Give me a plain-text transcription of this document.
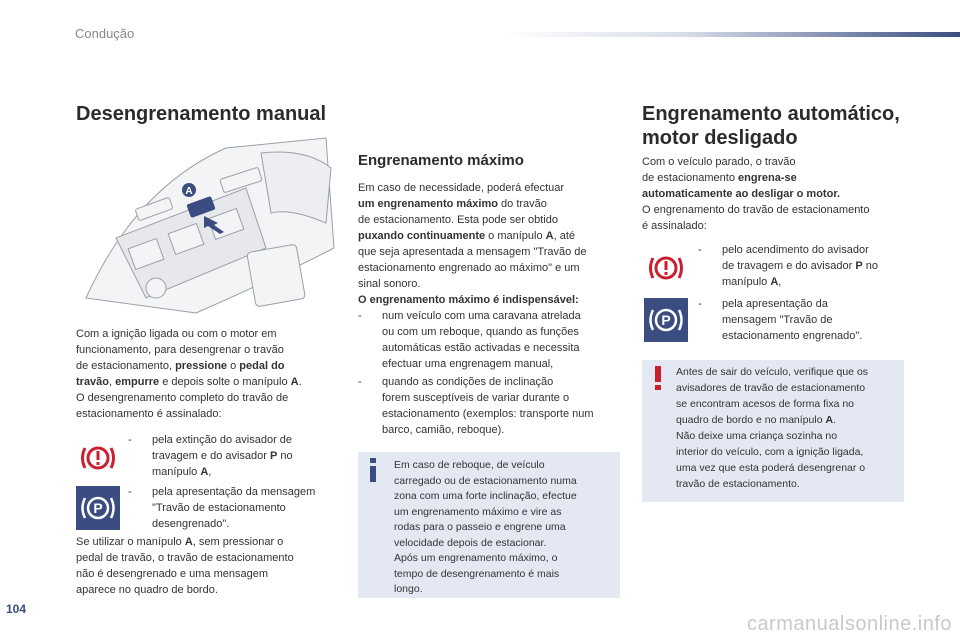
Condução
Desengrenamento manual
A
Com a ignição ligada ou com o motor em
funcionamento, para desengrenar o travão
de estacionamento, pressione o pedal do
travão, empurre e depois solte o manípulo A.
O desengrenamento completo do travão de
estacionamento é assinalado:
- pela extinção do avisador de
travagem e do avisador P no
manípulo A,
P
- pela apresentação da mensagem
"Travão de estacionamento
desengrenado".
Se utilizar o manípulo A, sem pressionar o
pedal de travão, o travão de estacionamento
não é desengrenado e uma mensagem
aparece no quadro de bordo.
Engrenamento máximo
Em caso de necessidade, poderá efectuar
um engrenamento máximo do travão
de estacionamento. Esta pode ser obtido
puxando continuamente o manípulo A, até
que seja apresentada a mensagem "Travão de
estacionamento engrenado ao máximo" e um
sinal sonoro.
O engrenamento máximo é indispensável:
- num veículo com uma caravana atrelada
ou com um reboque, quando as funções
automáticas estão activadas e necessita
efectuar uma engrenagem manual,
- quando as condições de inclinação
forem susceptíveis de variar durante o
estacionamento (exemplos: transporte num
barco, camião, reboque).
Em caso de reboque, de veículo
carregado ou de estacionamento numa
zona com uma forte inclinação, efectue
um engrenamento máximo e vire as
rodas para o passeio e engrene uma
velocidade depois de estacionar.
Após um engrenamento máximo, o
tempo de desengrenamento é mais
longo.
Engrenamento automático,
motor desligado
Com o veículo parado, o travão
de estacionamento engrena-se
automaticamente ao desligar o motor.
O engrenamento do travão de estacionamento
é assinalado:
- pelo acendimento do avisador
de travagem e do avisador P no
manípulo A,
P
- pela apresentação da
mensagem "Travão de
estacionamento engrenado".
Antes de sair do veículo, verifique que os
avisadores de travão de estacionamento
se encontram acesos de forma fixa no
quadro de bordo e no manípulo A.
Não deixe uma criança sozinha no
interior do veículo, com a ignição ligada,
uma vez que esta poderá desengrenar o
travão de estacionamento.
104
carmanualsonline.info
